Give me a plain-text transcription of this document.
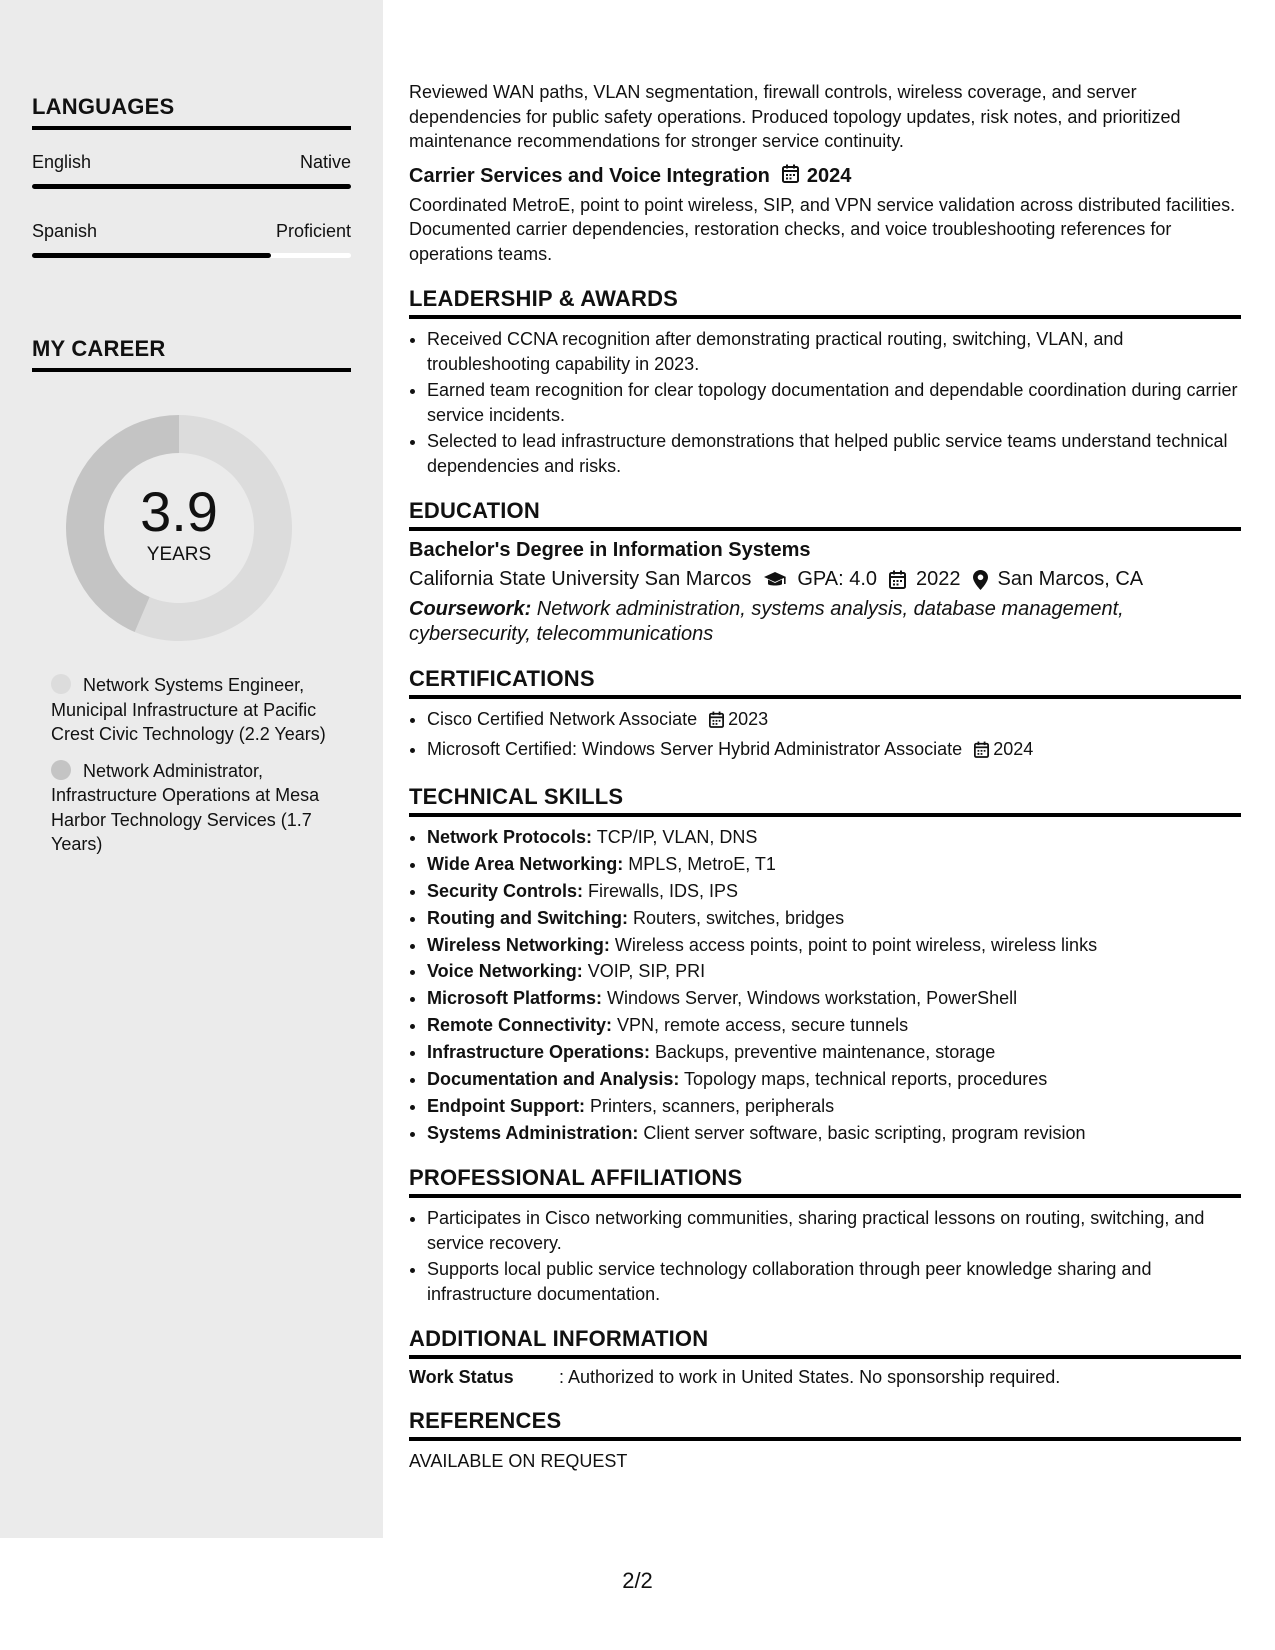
LANGUAGES
English	Native
Spanish	Proficient
MY CAREER
3.9
YEARS
Network Systems Engineer, Municipal Infrastructure at Pacific Crest Civic Technology (2.2 Years)
Network Administrator, Infrastructure Operations at Mesa Harbor Technology Services (1.7 Years)

Reviewed WAN paths, VLAN segmentation, firewall controls, wireless coverage, and server dependencies for public safety operations. Produced topology updates, risk notes, and prioritized maintenance recommendations for stronger service continuity.

Carrier Services and Voice Integration 2024

Coordinated MetroE, point to point wireless, SIP, and VPN service validation across distributed facilities. Documented carrier dependencies, restoration checks, and voice troubleshooting references for operations teams.

LEADERSHIP & AWARDS
• Received CCNA recognition after demonstrating practical routing, switching, VLAN, and troubleshooting capability in 2023.
• Earned team recognition for clear topology documentation and dependable coordination during carrier service incidents.
• Selected to lead infrastructure demonstrations that helped public service teams understand technical dependencies and risks.
EDUCATION
Bachelor's Degree in Information Systems
California State University San Marcos GPA: 4.0 2022 San Marcos, CA

Coursework: Network administration, systems analysis, database management, cybersecurity, telecommunications

CERTIFICATIONS
• Cisco Certified Network Associate 2023
• Microsoft Certified: Windows Server Hybrid Administrator Associate 2024
TECHNICAL SKILLS
• Network Protocols: TCP/IP, VLAN, DNS
• Wide Area Networking: MPLS, MetroE, T1
• Security Controls: Firewalls, IDS, IPS
• Routing and Switching: Routers, switches, bridges
• Wireless Networking: Wireless access points, point to point wireless, wireless links
• Voice Networking: VOIP, SIP, PRI
• Microsoft Platforms: Windows Server, Windows workstation, PowerShell
• Remote Connectivity: VPN, remote access, secure tunnels
• Infrastructure Operations: Backups, preventive maintenance, storage
• Documentation and Analysis: Topology maps, technical reports, procedures
• Endpoint Support: Printers, scanners, peripherals
• Systems Administration: Client server software, basic scripting, program revision
PROFESSIONAL AFFILIATIONS
• Participates in Cisco networking communities, sharing practical lessons on routing, switching, and service recovery.
• Supports local public service technology collaboration through peer knowledge sharing and infrastructure documentation.
ADDITIONAL INFORMATION
Work Status	: Authorized to work in United States. No sponsorship required.
REFERENCES
AVAILABLE ON REQUEST
2/2
